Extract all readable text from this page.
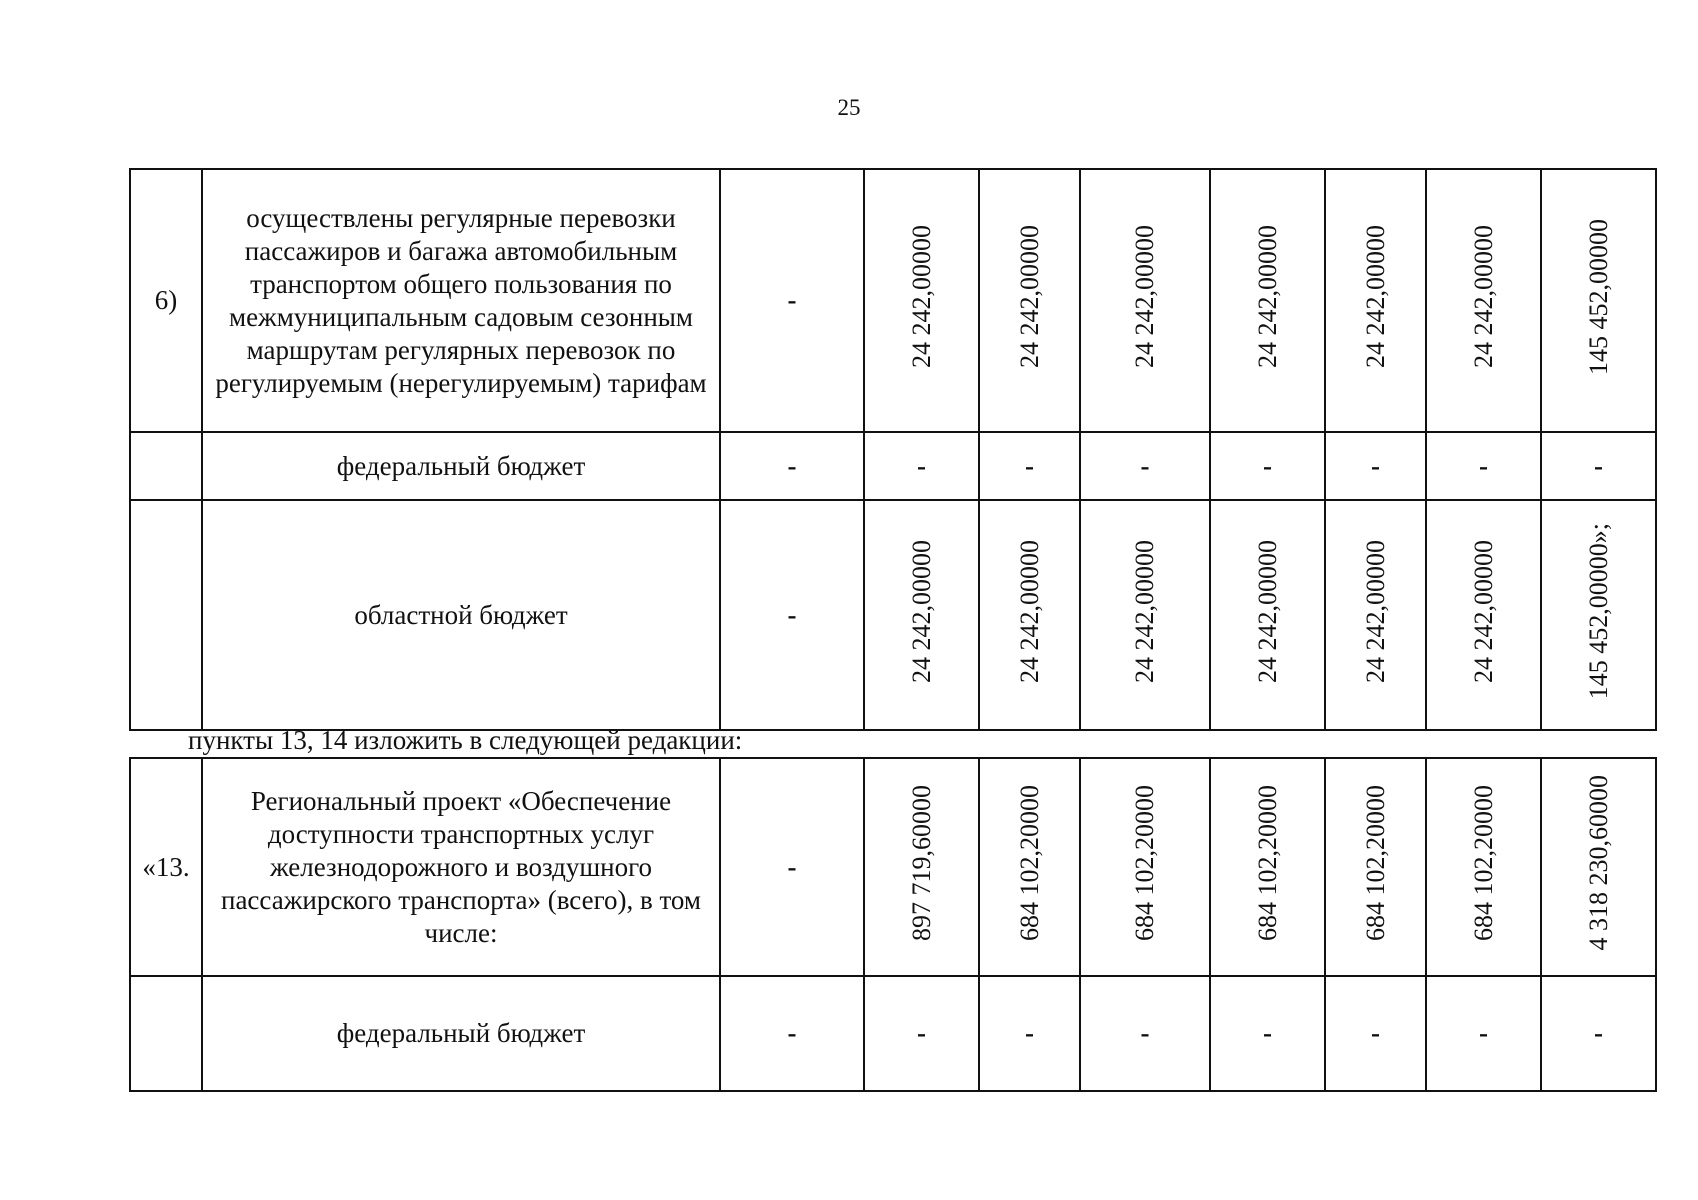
25
6)	осуществлены регулярные перевозки пассажиров и багажа автомобильным транспортом общего пользования по межмуниципальным садовым сезонным маршрутам регулярных перевозок по регулируемым (нерегулируемым) тарифам	-	24 242,00000	24 242,00000	24 242,00000	24 242,00000	24 242,00000	24 242,00000	145 452,00000
	федеральный бюджет	-	-	-	-	-	-	-	-
	областной бюджет	-	24 242,00000	24 242,00000	24 242,00000	24 242,00000	24 242,00000	24 242,00000	145 452,00000»;
пункты 13, 14 изложить в следующей редакции:
«13.	Региональный проект «Обеспечение доступности транспортных услуг железнодорожного и воздушного пассажирского транспорта» (всего), в том числе:	-	897 719,60000	684 102,20000	684 102,20000	684 102,20000	684 102,20000	684 102,20000	4 318 230,60000
	федеральный бюджет	-	-	-	-	-	-	-	-
